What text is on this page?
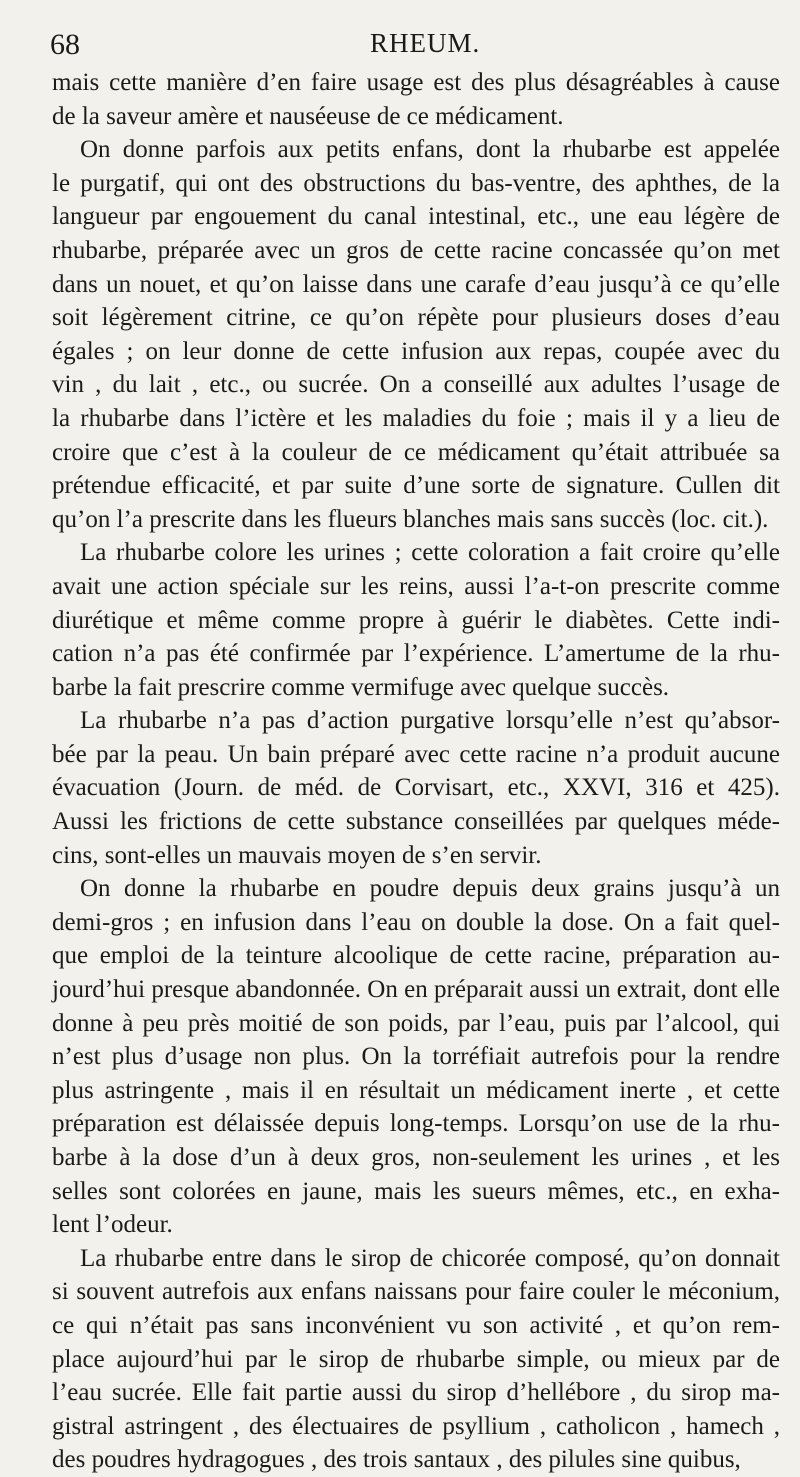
68	RHEUM.
mais cette manière d’en faire usage est des plus désagréables à cause
de la saveur amère et nauséeuse de ce médicament.
On donne parfois aux petits enfans, dont la rhubarbe est appelée
le purgatif, qui ont des obstructions du bas-ventre, des aphthes, de la
langueur par engouement du canal intestinal, etc., une eau légère de
rhubarbe, préparée avec un gros de cette racine concassée qu’on met
dans un nouet, et qu’on laisse dans une carafe d’eau jusqu’à ce qu’elle
soit légèrement citrine, ce qu’on répète pour plusieurs doses d’eau
égales ; on leur donne de cette infusion aux repas, coupée avec du
vin , du lait , etc., ou sucrée. On a conseillé aux adultes l’usage de
la rhubarbe dans l’ictère et les maladies du foie ; mais il y a lieu de
croire que c’est à la couleur de ce médicament qu’était attribuée sa
prétendue efficacité, et par suite d’une sorte de signature. Cullen dit
qu’on l’a prescrite dans les flueurs blanches mais sans succès (loc. cit.).
La rhubarbe colore les urines ; cette coloration a fait croire qu’elle
avait une action spéciale sur les reins, aussi l’a-t-on prescrite comme
diurétique et même comme propre à guérir le diabètes. Cette indi-
cation n’a pas été confirmée par l’expérience. L’amertume de la rhu-
barbe la fait prescrire comme vermifuge avec quelque succès.
La rhubarbe n’a pas d’action purgative lorsqu’elle n’est qu’absor-
bée par la peau. Un bain préparé avec cette racine n’a produit aucune
évacuation (Journ. de méd. de Corvisart, etc., XXVI, 316 et 425).
Aussi les frictions de cette substance conseillées par quelques méde-
cins, sont-elles un mauvais moyen de s’en servir.
On donne la rhubarbe en poudre depuis deux grains jusqu’à un
demi-gros ; en infusion dans l’eau on double la dose. On a fait quel-
que emploi de la teinture alcoolique de cette racine, préparation au-
jourd’hui presque abandonnée. On en préparait aussi un extrait, dont elle
donne à peu près moitié de son poids, par l’eau, puis par l’alcool, qui
n’est plus d’usage non plus. On la torréfiait autrefois pour la rendre
plus astringente , mais il en résultait un médicament inerte , et cette
préparation est délaissée depuis long-temps. Lorsqu’on use de la rhu-
barbe à la dose d’un à deux gros, non-seulement les urines , et les
selles sont colorées en jaune, mais les sueurs mêmes, etc., en exha-
lent l’odeur.
La rhubarbe entre dans le sirop de chicorée composé, qu’on donnait
si souvent autrefois aux enfans naissans pour faire couler le méconium,
ce qui n’était pas sans inconvénient vu son activité , et qu’on rem-
place aujourd’hui par le sirop de rhubarbe simple, ou mieux par de
l’eau sucrée. Elle fait partie aussi du sirop d’hellébore , du sirop ma-
gistral astringent , des électuaires de psyllium , catholicon , hamech ,
des poudres hydragogues , des trois santaux , des pilules sine quibus,
